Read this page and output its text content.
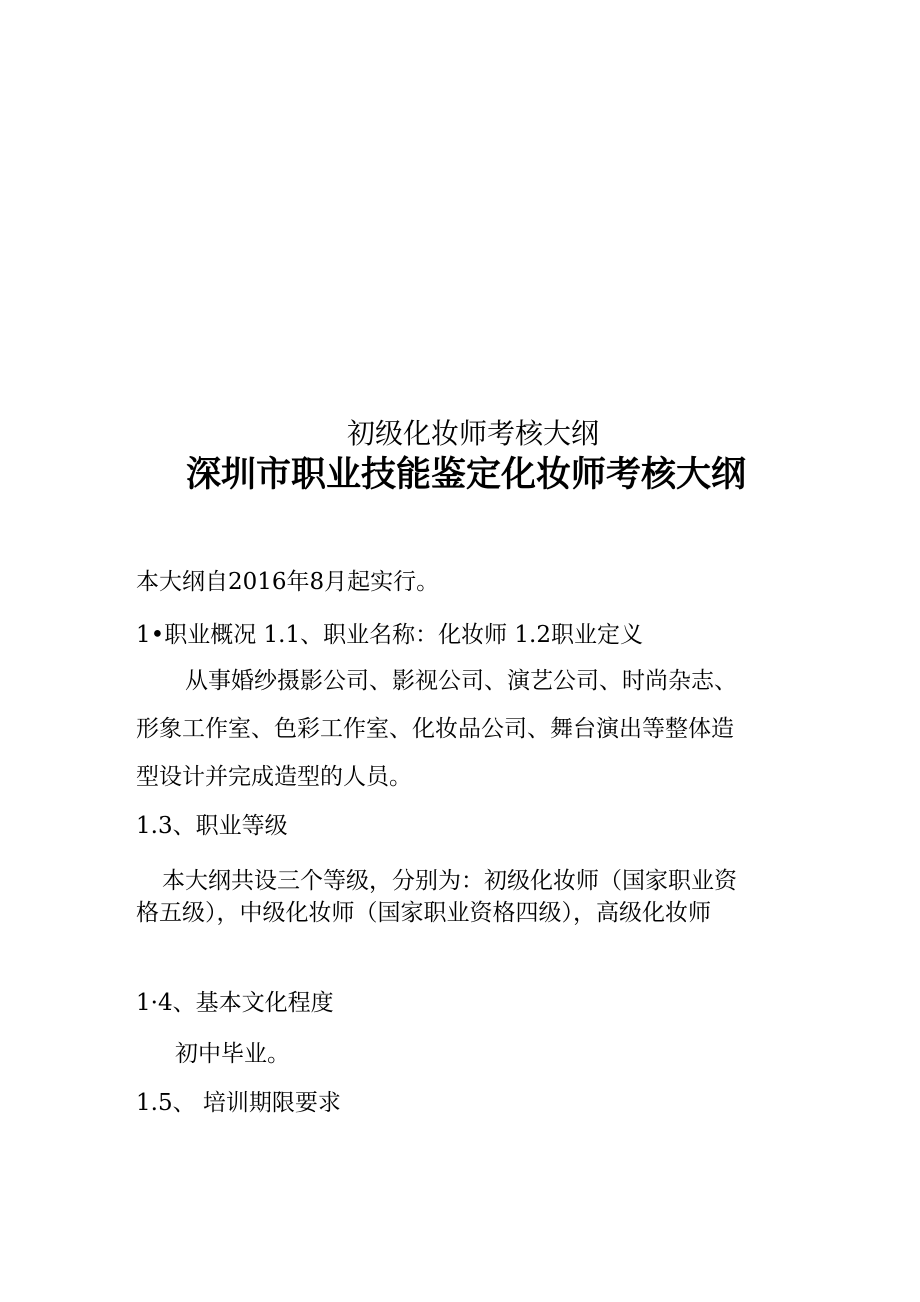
初级化妆师考核大纲
深圳市职业技能鉴定化妆师考核大纲
本大纲自2016年8月起实行。
1•职业概况 1.1、职业名称：化妆师 1.2职业定义
从事婚纱摄影公司、影视公司、演艺公司、时尚杂志、
形象工作室、色彩工作室、化妆品公司、舞台演出等整体造
型设计并完成造型的人员。
1.3、职业等级
本大纲共设三个等级，分别为：初级化妆师（国家职业资
格五级），中级化妆师（国家职业资格四级），高级化妆师
1·4、基本文化程度
初中毕业。
1.5、 培训期限要求
